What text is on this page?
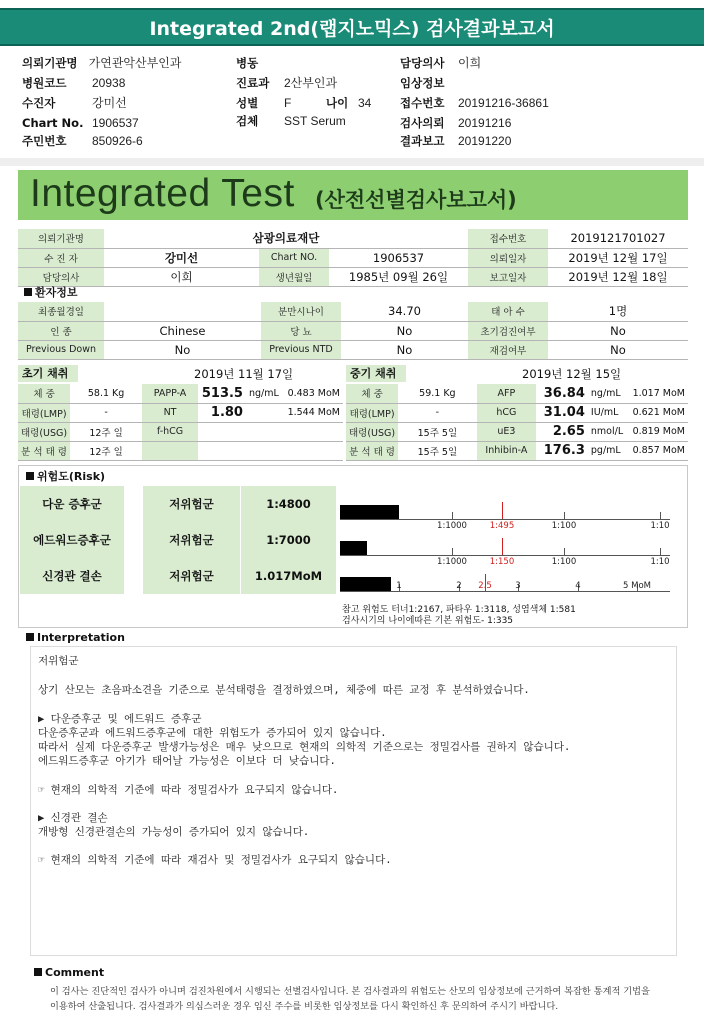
Integrated 2nd(랩지노믹스) 검사결과보고서
의뢰기관명 가연관악산부인과
병원코드 20938
수진자	강미선
Chart No. 1906537
주민번호 850926-6
병동
진료과 2산부인과
성별 F	나이 34
검체 SST Serum
담당의사 이희
임상정보
접수번호 20191216-36861
검사의뢰 20191216
결과보고 20191220
Integrated Test (산전선별검사보고서)
의뢰기관명	삼광의료재단			접수번호	2019121701027
수 진 자	강미선	Chart NO.	1906537	의뢰일자	2019년 12월 17일
담당의사	이희	생년월일	1985년 09월 26일	보고일자	2019년 12월 18일
환자정보
최종월경일		분만시나이	34.70	태 아 수	1명
인 종	Chinese	당 뇨	No	초기검진여부	No
Previous Down	No	Previous NTD	No	재검여부	No
초기 채취	2019년 11월 17일
체 중	58.1 Kg	PAPP-A	513.5	ng/mL	0.483 MoM
태령(LMP)	-	NT	1.80		1.544 MoM
태령(USG)	12주 일	f-hCG			
분 석 태 령	12주 일				
중기 채취	2019년 12월 15일
체 중	59.1 Kg	AFP	36.84	ng/mL	1.017 MoM
태령(LMP)	-	hCG	31.04	IU/mL	0.621 MoM
태령(USG)	15주 5일	uE3	2.65	nmol/L	0.819 MoM
분 석 태 령	15주 5일	Inhibin-A	176.3	pg/mL	0.857 MoM
위험도(Risk)
다운 증후군	저위험군	1:4800
1:1000	1:495	1:100	1:10
에드워드증후군	저위험군	1:7000
1:1000	1:150	1:100	1:10
신경관 결손	저위험군	1.017MoM
1	2	2.5	3	4	5 MoM
참고 위험도 터너1:2167, 파타우 1:3118, 성염색체 1:581
검사시기의 나이에따른 기본 위험도- 1:335
Interpretation
저위험군
상기 산모는 초음파소견을 기준으로 분석태령을 결정하였으며, 체중에 따른 교정 후 분석하였습니다.
▶ 다운증후군 및 에드워드 증후군
다운증후군과 에드워드증후군에 대한 위험도가 증가되어 있지 않습니다.
따라서 실제 다운증후군 발생가능성은 매우 낮으므로 현재의 의학적 기준으로는 정밀검사를 권하지 않습니다.
에드워드증후군 아기가 태어날 가능성은 이보다 더 낮습니다.
☞ 현재의 의학적 기준에 따라 정밀검사가 요구되지 않습니다.
▶ 신경관 결손
개방형 신경관결손의 가능성이 증가되어 있지 않습니다.
☞ 현재의 의학적 기준에 따라 재검사 및 정밀검사가 요구되지 않습니다.
Comment
이 검사는 진단적인 검사가 아니며 검진차원에서 시행되는 선별검사입니다. 본 검사결과의 위험도는 산모의 임상정보에 근거하여 복잡한 통계적 기법을
이용하여 산출됩니다. 검사결과가 의심스러운 경우 임신 주수를 비롯한 임상정보를 다시 확인하신 후 문의하여 주시기 바랍니다.
